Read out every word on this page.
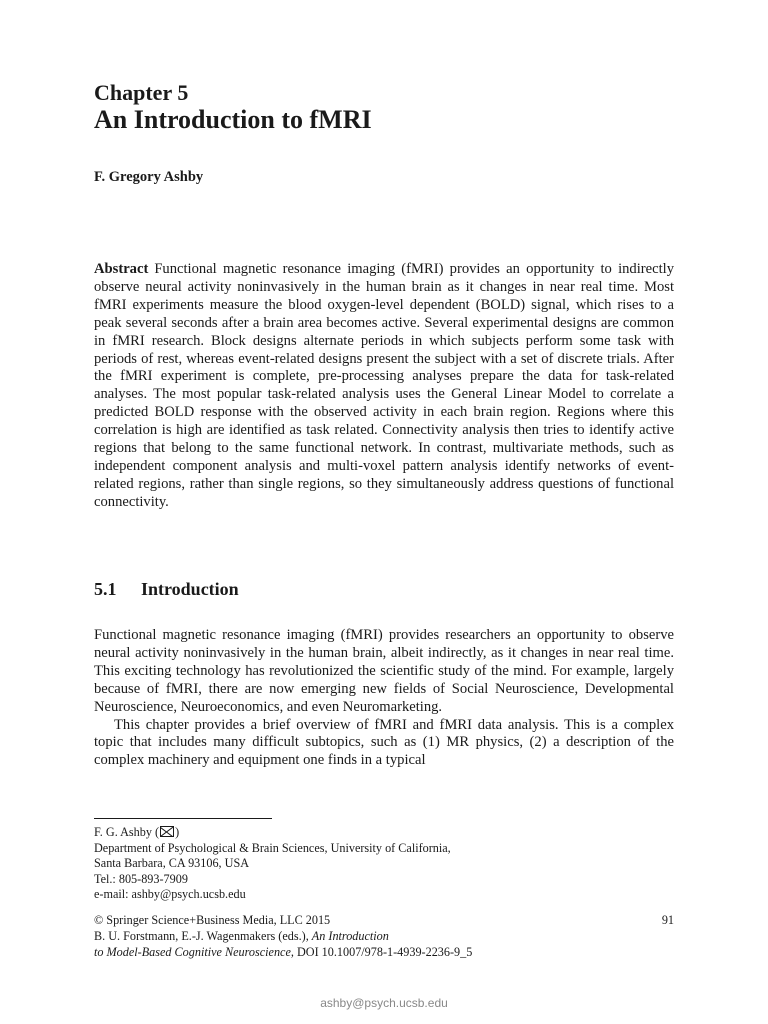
Chapter 5
An Introduction to fMRI
F. Gregory Ashby

Abstract Functional magnetic resonance imaging (fMRI) provides an opportunity to indirectly observe neural activity noninvasively in the human brain as it changes in near real time. Most fMRI experiments measure the blood oxygen-level dependent (BOLD) signal, which rises to a peak several seconds after a brain area becomes active. Several experimental designs are common in fMRI research. Block designs alternate periods in which subjects perform some task with periods of rest, whereas event-related designs present the subject with a set of discrete trials. After the fMRI experiment is complete, pre-processing analyses prepare the data for task-related analyses. The most popular task-related analysis uses the General Linear Model to correlate a predicted BOLD response with the observed activity in each brain region. Regions where this correlation is high are identified as task related. Connectivity analysis then tries to identify active regions that belong to the same functional network. In contrast, multivariate methods, such as independent component analysis and multi-voxel pattern analysis identify networks of event-related regions, rather than single regions, so they simultaneously address questions of functional connectivity.

5.1 Introduction

Functional magnetic resonance imaging (fMRI) provides researchers an opportunity to observe neural activity noninvasively in the human brain, albeit indirectly, as it changes in near real time. This exciting technology has revolutionized the scientific study of the mind. For example, largely because of fMRI, there are now emerging new fields of Social Neuroscience, Developmental Neuroscience, Neuroeconomics, and even Neuromarketing.

This chapter provides a brief overview of fMRI and fMRI data analysis. This is a complex topic that includes many difficult subtopics, such as (1) MR physics, (2) a description of the complex machinery and equipment one finds in a typical

F. G. Ashby ( )
Department of Psychological & Brain Sciences, University of California,
Santa Barbara, CA 93106, USA
Tel.: 805-893-7909
e-mail: ashby@psych.ucsb.edu
© Springer Science+Business Media, LLC 2015	91
B. U. Forstmann, E.-J. Wagenmakers (eds.), An Introduction
to Model-Based Cognitive Neuroscience, DOI 10.1007/978-1-4939-2236-9_5
ashby@psych.ucsb.edu
